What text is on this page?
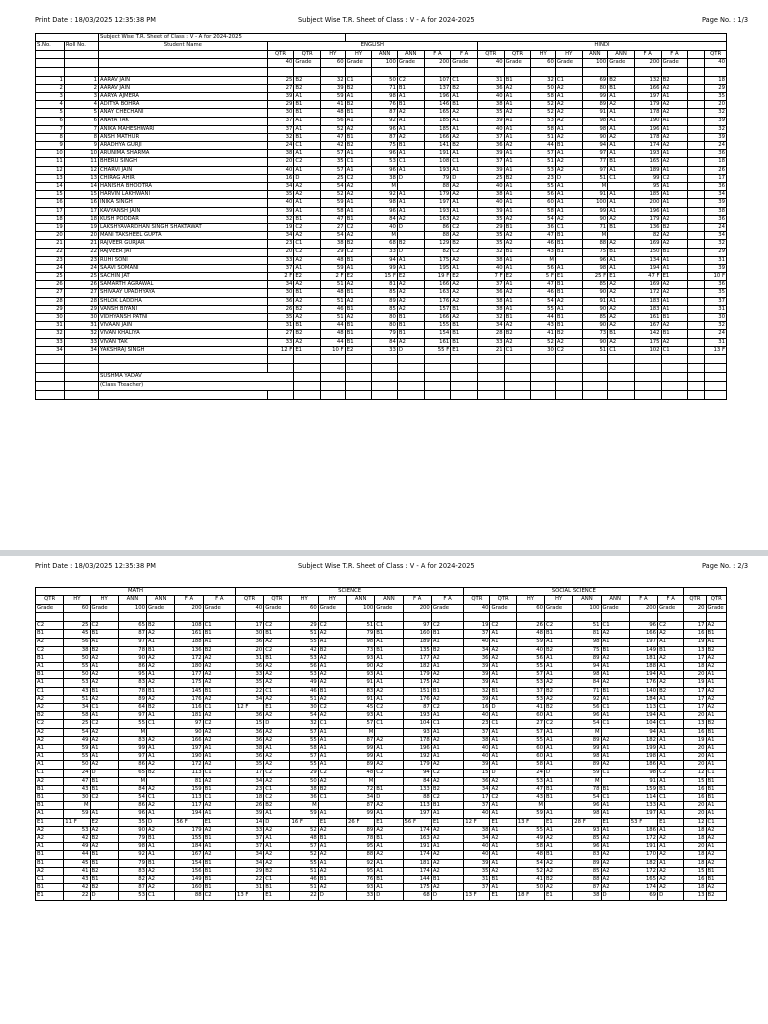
Print Date : 18/03/2025 12:35:38 PM	Subject Wise T.R. Sheet of Class : V - A for 2024-2025	Page No. : 1/3
		Subject Wise T.R. Sheet of Class : V - A for 2024-2025																		
S.No.	Roll No.	Student Name	ENGLISH								HINDI									
			QTR	QTR	HY	HY	ANN	ANN	F A	F A	QTR	QTR	HY	HY	ANN	ANN	F A	F A		QTR
			40	Grade	60	Grade	100	Grade	200	Grade	40	Grade	60	Grade	100	Grade	200	Grade		40

1	1	AARAV JAIN	25	B2	32	C1	50	C2	107	C1	31	B1	32	C1	69	B2	132	B2		18
2	2	AARAV JAIN	27	B2	39	B2	71	B1	137	B2	36	A2	50	A2	80	B1	166	A2		29
3	3	AARYA AJMERA	39	A1	59	A1	98	A1	196	A1	40	A1	58	A1	99	A1	197	A1		35
4	4	ADITYA BOHRA	29	B1	41	B2	76	B1	146	B1	38	A1	52	A2	89	A2	179	A2		20
5	5	ANAY CHECHANI	30	B1	48	B1	87	A2	165	A2	35	A2	52	A2	91	A1	178	A2		32
6	6	ANAYA TAK	37	A1	56	A1	92	A1	185	A1	39	A1	53	A2	98	A1	190	A1		39
7	7	ANIKA MAHESHWARI	37	A1	52	A2	96	A1	185	A1	40	A1	58	A1	98	A1	196	A1		32
8	8	ANSH MATHUR	32	B1	47	B1	87	A2	166	A2	37	A1	51	A2	90	A2	178	A2		39
9	9	ARADHYA GURJI	24	C1	42	B2	75	B1	141	B2	36	A2	44	B1	94	A1	174	A2		24
10	10	ARUNIMA SHARMA	38	A1	57	A1	96	A1	191	A1	39	A1	57	A1	97	A1	193	A1		36
11	11	BHERU SINGH	20	C2	35	C1	53	C1	108	C1	37	A1	51	A2	77	B1	165	A2		18
12	12	CHARVI JAIN	40	A1	57	A1	96	A1	193	A1	39	A1	53	A2	97	A1	189	A1		26
13	13	CHIRAG AHIR	16	D	25	C2	38	D	79	D	25	B2	23	D	51	C1	99	C2		17
14	14	HANISHA BHOOTRA	34	A2	54	A2	M		88	A2	40	A1	55	A1	M		95	A1		36
15	15	HARVIN LAKHWANI	35	A2	52	A2	92	A1	179	A2	38	A1	56	A1	91	A1	185	A1		34
16	16	INIKA SINGH	40	A1	59	A1	98	A1	197	A1	40	A1	60	A1	100	A1	200	A1		39
17	17	KAVYANSH JAIN	39	A1	58	A1	96	A1	193	A1	39	A1	58	A1	99	A1	196	A1		38
18	18	KUSH PODDAR	32	B1	47	B1	84	A2	163	A2	35	A2	54	A2	90	A2	179	A2		36
19	19	LAKSHYAVARDHAN SINGH SHAKTAWAT	19	C2	27	C2	40	D	86	C2	29	B1	36	C1	71	B1	136	B2		24
20	20	MANI TAKSHEEL GUPTA	34	A2	54	A2	M		88	A2	35	A2	47	B1	M		82	A2		34
21	21	RAJVEER GURJAR	23	C1	38	B2	68	B2	129	B2	35	A2	46	B1	88	A2	169	A2		32
22	22	RAJVEER JAT	20	C2	29	C2	33	D	82	C2	32	B1	43	B1	75	B1	150	B1		29
23	23	RUHI SONI	33	A2	48	B1	94	A1	175	A2	38	A1	M		96	A1	134	A1		31
24	24	SAAVI SOMANI	37	A1	59	A1	99	A1	195	A1	40	A1	56	A1	98	A1	194	A1		39
25	25	SACHIN JAT	2 F	E2	2 F	E2	15 F	E2	19 F	E2	7 F	E2	5 F	E1	25 F	E1	47 F	E1		10 F
26	26	SAMARTH AGRAWAL	34	A2	51	A2	81	A2	166	A2	37	A1	47	B1	85	A2	169	A2		36
27	27	SHIVAAY UPADHYAYA	30	B1	48	B1	85	A2	163	A2	36	A2	46	B1	90	A2	172	A2		35
28	28	SHLOK LADDHA	36	A2	51	A2	89	A2	176	A2	38	A1	54	A2	91	A1	183	A1		37
29	29	VANSH BIYANI	26	B2	46	B1	85	A2	157	B1	38	A1	55	A1	90	A2	183	A1		31
30	30	VIDHYANSH PATNI	35	A2	51	A2	80	B1	166	A2	32	B1	44	B1	85	A2	161	B1		30
31	31	VIVAAN JAIN	31	B1	44	B1	80	B1	155	B1	34	A2	43	B1	90	A2	167	A2		32
32	32	VIVAN KHALIYA	27	B2	48	B1	79	B1	154	B1	28	B2	41	B2	73	B1	142	B1		24
33	33	VIVAN TAK	33	A2	44	B1	84	A2	161	B1	33	A2	52	A2	90	A2	175	A2		31
34	34	YAKSHRAJ SINGH	12 F	E1	10 F	E2	33	D	55 F	E1	21	C1	30	C2	51	C1	102	C1		13 F

		SUSHMA YADAV																		
		(Class Tteacher)																		

Print Date : 18/03/2025 12:35:38 PM	Subject Wise T.R. Sheet of Class : V - A for 2024-2025	Page No. : 2/3
MATH							SCIENCE								SOCIAL SCIENCE									
QTR	HY	HY	ANN	ANN	F A	F A	QTR	QTR	HY	HY	ANN	ANN	F A	F A	QTR	QTR	HY	HY	ANN	ANN	F A	F A	QTR	QTR
Grade	60	Grade	100	Grade	200	Grade	40	Grade	60	Grade	100	Grade	200	Grade	40	Grade	60	Grade	100	Grade	200	Grade	20	Grade

C2	25	C2	65	B2	108	C1	17	C2	29	C2	51	C1	97	C2	19	C2	26	C2	51	C1	96	C2	17	A2
B1	45	B1	87	A2	161	B1	30	B1	51	A2	79	B1	160	B1	37	A1	48	B1	81	A2	166	A2	16	B1
A2	56	A1	97	A1	188	A1	36	A2	55	A1	98	A1	189	A1	40	A1	59	A1	98	A1	197	A1	19	A1
C2	38	B2	78	B1	136	B2	20	C2	42	B2	73	B1	135	B2	34	A2	40	B2	75	B1	149	B1	13	B2
B1	50	A2	90	A2	172	A2	31	B1	53	A2	93	A1	177	A2	36	A2	56	A1	89	A2	181	A2	17	A2
A1	55	A1	86	A2	180	A2	36	A2	56	A1	90	A2	182	A1	39	A1	55	A1	94	A1	188	A1	18	A2
B1	50	A2	95	A1	177	A2	33	A2	53	A2	93	A1	179	A2	39	A1	57	A1	98	A1	194	A1	20	A1
A1	53	A2	83	A2	175	A2	35	A2	49	A2	91	A1	175	A2	39	A1	53	A2	84	A2	176	A2	19	A1
C1	43	B1	78	B1	145	B1	22	C1	46	B1	83	A2	151	B1	32	B1	37	B2	71	B1	140	B2	17	A2
A2	51	A2	89	A2	176	A2	34	A2	51	A2	91	A1	176	A2	39	A1	53	A2	92	A1	184	A1	17	A2
A2	34	C1	64	B2	116	C1	12 F	E1	30	C2	45	C2	87	C2	16	D	41	B2	56	C1	113	C1	17	A2
B2	58	A1	97	A1	181	A2	36	A2	54	A2	93	A1	193	A1	40	A1	60	A1	96	A1	194	A1	20	A1
C2	25	C2	55	C1	97	C2	15	D	32	C1	57	C1	104	C1	23	C1	27	C2	54	C1	104	C1	13	B2
A2	54	A2	M		90	A2	36	A2	57	A1	M		93	A1	37	A1	57	A1	M		94	A1	16	B1
A2	49	A2	83	A2	166	A2	36	A2	55	A1	87	A2	178	A2	38	A1	55	A1	89	A2	182	A1	19	A1
A1	59	A1	99	A1	197	A1	38	A1	58	A1	99	A1	196	A1	40	A1	60	A1	99	A1	199	A1	20	A1
A1	55	A1	97	A1	190	A1	36	A2	57	A1	99	A1	192	A1	40	A1	60	A1	98	A1	198	A1	20	A1
A1	50	A2	86	A2	172	A2	35	A2	55	A1	89	A2	179	A2	39	A1	58	A1	89	A2	186	A1	20	A1
C1	24	D	65	B2	113	C1	17	C2	29	C2	48	C2	94	C2	15	D	24	D	59	C1	98	C2	12	C1
A2	47	B1	M		81	A2	34	A2	50	A2	M		84	A2	36	A2	53	A1	M		91	A1	15	B1
B1	43	B1	84	A2	159	B1	23	C1	38	B2	72	B1	133	B2	34	A2	47	B1	78	B1	159	B1	16	B1
B1	30	C2	54	C1	113	C1	18	C2	36	C1	34	D	88	C2	17	C2	43	B1	54	C1	114	C1	16	B1
B1	M		86	A2	117	A2	26	B2	M		87	A2	113	B1	37	A1	M		96	A1	133	A1	20	A1
A1	59	A1	96	A1	194	A1	39	A1	59	A1	99	A1	197	A1	40	A1	59	A1	98	A1	197	A1	20	A1
E1	11 F	E2	35	D	56 F	E1	14	D	16 F	E1	26 F	E1	56 F	E1	12 F	E1	13 F	E1	28 F	E1	53 F	E1	12	C1
A2	53	A2	90	A2	179	A2	33	A2	52	A2	89	A2	174	A2	38	A1	55	A1	93	A1	186	A1	18	A2
A2	42	B2	79	B1	155	B1	37	A1	48	B1	78	B1	163	A2	34	A2	49	A2	85	A2	172	A2	18	A2
A1	49	A2	98	A1	184	A1	37	A1	57	A1	95	A1	191	A1	40	A1	58	A1	96	A1	191	A1	20	A1
B1	44	B1	92	A1	167	A2	34	A2	52	A2	88	A2	174	A2	40	A1	48	B1	83	A2	170	A2	18	A2
B1	45	B1	79	B1	154	B1	34	A2	55	A1	92	A1	181	A2	39	A1	54	A2	89	A2	182	A1	18	A2
A2	41	B2	83	A2	156	B1	29	B2	51	A2	95	A1	174	A2	35	A2	52	A2	85	A2	172	A2	15	B1
C1	43	B1	82	A2	149	B1	22	C1	46	B1	76	B1	144	B1	31	B1	41	B2	88	A2	165	A2	16	B1
B1	42	B2	87	A2	160	B1	31	B1	51	A2	93	A1	175	A2	37	A1	50	A2	87	A2	174	A2	18	A2
E1	22	D	53	C1	88	C2	13 F	E1	22	D	33	D	68	D	13 F	E1	18 F	E1	38	D	69	D	13	B2
